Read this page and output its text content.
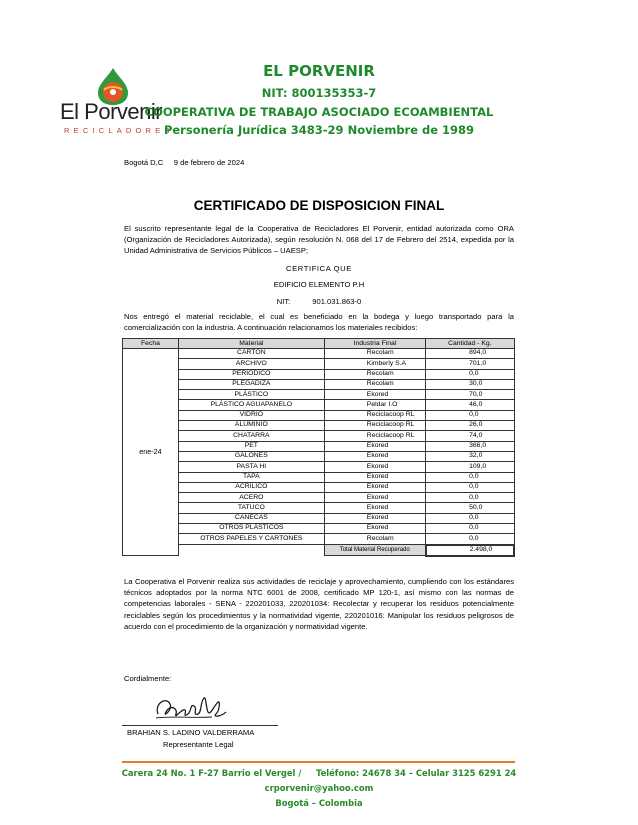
El Porvenir
RECICLADORES
EL PORVENIR
NIT: 800135353-7
COOPERATIVA DE TRABAJO ASOCIADO ECOAMBIENTAL
Personería Jurídica 3483-29 Noviembre de 1989
Bogotá D,C     9 de febrero de 2024
CERTIFICADO DE DISPOSICION FINAL
El suscrito representante legal de la Cooperativa de Recicladores El Porvenir, entidad autorizada como ORA (Organización de Recicladores Autorizada), según resolución N. 068 del 17 de Febrero del 2514, expedida por la Unidad Administrativa de Servicios Públicos – UAESP;
CERTIFICA QUE
EDIFICIO ELEMENTO P.H
NIT:	901.031.863-0
Nos entregó el material reciclable, el cual es beneficiado en la bodega y luego transportado para la comercialización con la industria. A continuación relacionamos los materiales recibidos:
Fecha	Material	Industria Final	Cantidad - Kg.
ene-24	CARTÓN	Recolam	894,0
	ARCHIVO	Kimberly S.A	701,0
	PERIÓDICO	Recolam	0,0
	PLEGADIZA	Recolam	30,0
	PLÁSTICO	Ekored	70,0
	PLÁSTICO AGUAPANELO	Peldar I.O	46,0
	VIDRIO	Reciclacoop RL	0,0
	ALUMINIO	Reciclacoop RL	26,0
	CHATARRA	Reciclacoop RL	74,0
	PET	Ekored	366,0
	GALONES	Ekored	32,0
	PASTA HI	Ekored	109,0
	TAPA	Ekored	0,0
	ACRILICO	Ekored	0,0
	ACERO	Ekored	0,0
	TATUCO	Ekored	50,0
	CANECAS	Ekored	0,0
	OTROS PLÁSTICOS	Ekored	0,0
	OTROS PAPELES Y CARTONES	Recolam	0,0
		Total Material Recuperado	2.498,0
La Cooperativa el Porvenir realiza sus actividades de reciclaje y aprovechamiento, cumpliendo con los estándares técnicos adoptados por la norma NTC 6001 de 2008, certificado MP 120-1, así mismo con las normas de competencias laborales - SENA - 220201033, 220201034: Recolectar y recuperar los residuos potencialmente reciclables según los procedimientos y la normatividad vigente, 220201016: Manipular los residuos peligrosos de acuerdo con el procedimiento de la organización y normatividad vigente.
Cordialmente:
BRAHIAN S. LADINO VALDERRAMA
Representante Legal
Carera 24 No. 1 F-27 Barrio el Vergel /     Teléfono: 24678 34 – Celular 3125 6291 24
crporvenir@yahoo.com
Bogotá – Colombia
